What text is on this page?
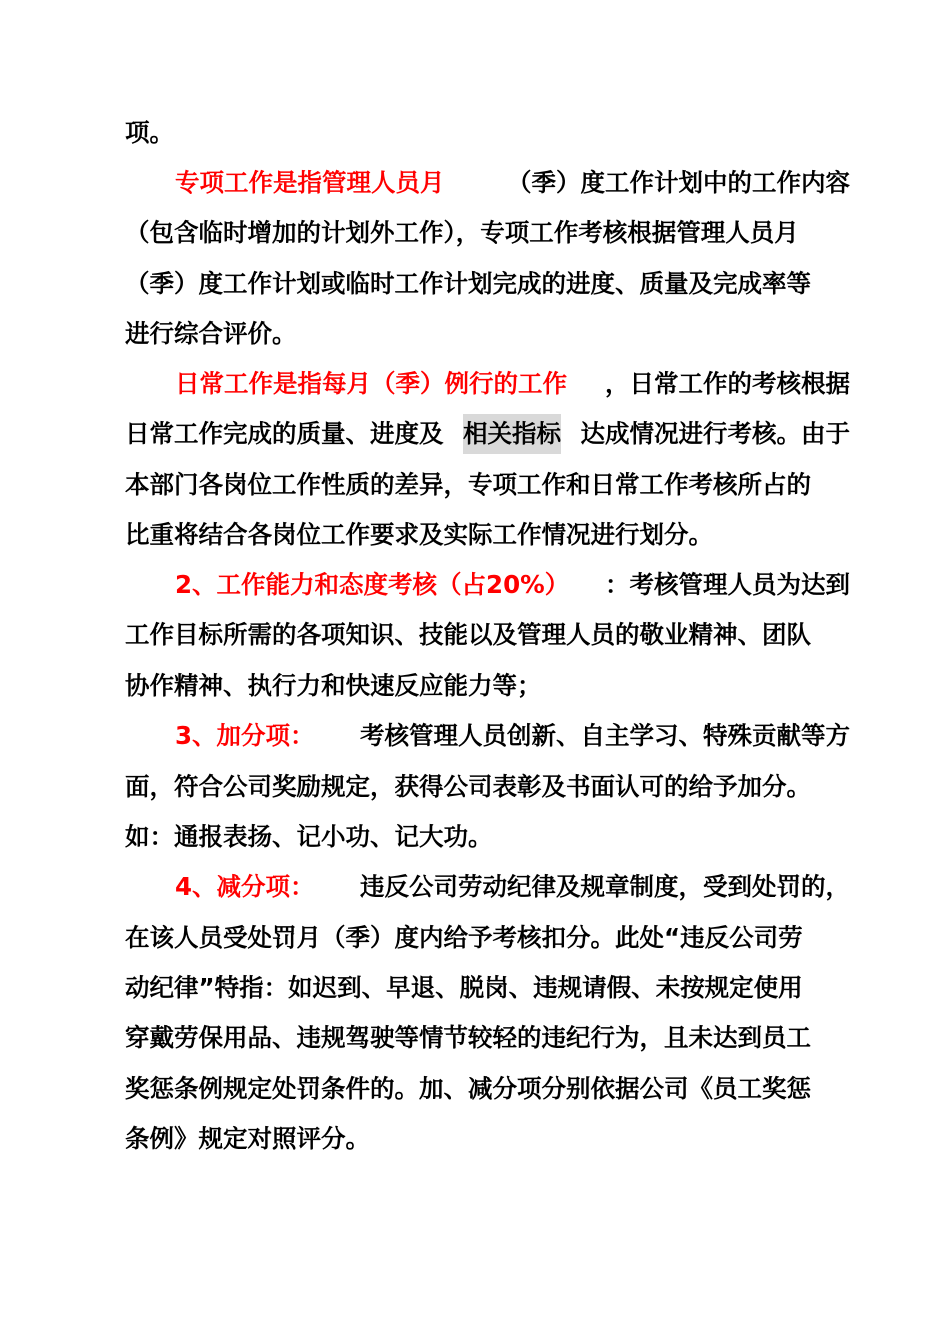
项。
专项工作是指管理人员月	（季）度工作计划中的工作内容
（包含临时增加的计划外工作），专项工作考核根据管理人员月
（季）度工作计划或临时工作计划完成的进度、质量及完成率等
进行综合评价。
日常工作是指每月（季）例行的工作 ，日常工作的考核根据
日常工作完成的质量、进度及 相关指标 达成情况进行考核。由于
本部门各岗位工作性质的差异，专项工作和日常工作考核所占的
比重将结合各岗位工作要求及实际工作情况进行划分。
2、工作能力和态度考核（占20%） ：考核管理人员为达到
工作目标所需的各项知识、技能以及管理人员的敬业精神、团队
协作精神、执行力和快速反应能力等；
3、加分项： 考核管理人员创新、自主学习、特殊贡献等方
面，符合公司奖励规定，获得公司表彰及书面认可的给予加分。
如：通报表扬、记小功、记大功。
4、减分项： 违反公司劳动纪律及规章制度，受到处罚的，
在该人员受处罚月（季）度内给予考核扣分。此处“违反公司劳
动纪律”特指：如迟到、早退、脱岗、违规请假、未按规定使用
穿戴劳保用品、违规驾驶等情节较轻的违纪行为，且未达到员工
奖惩条例规定处罚条件的。加、减分项分别依据公司《员工奖惩
条例》规定对照评分。
